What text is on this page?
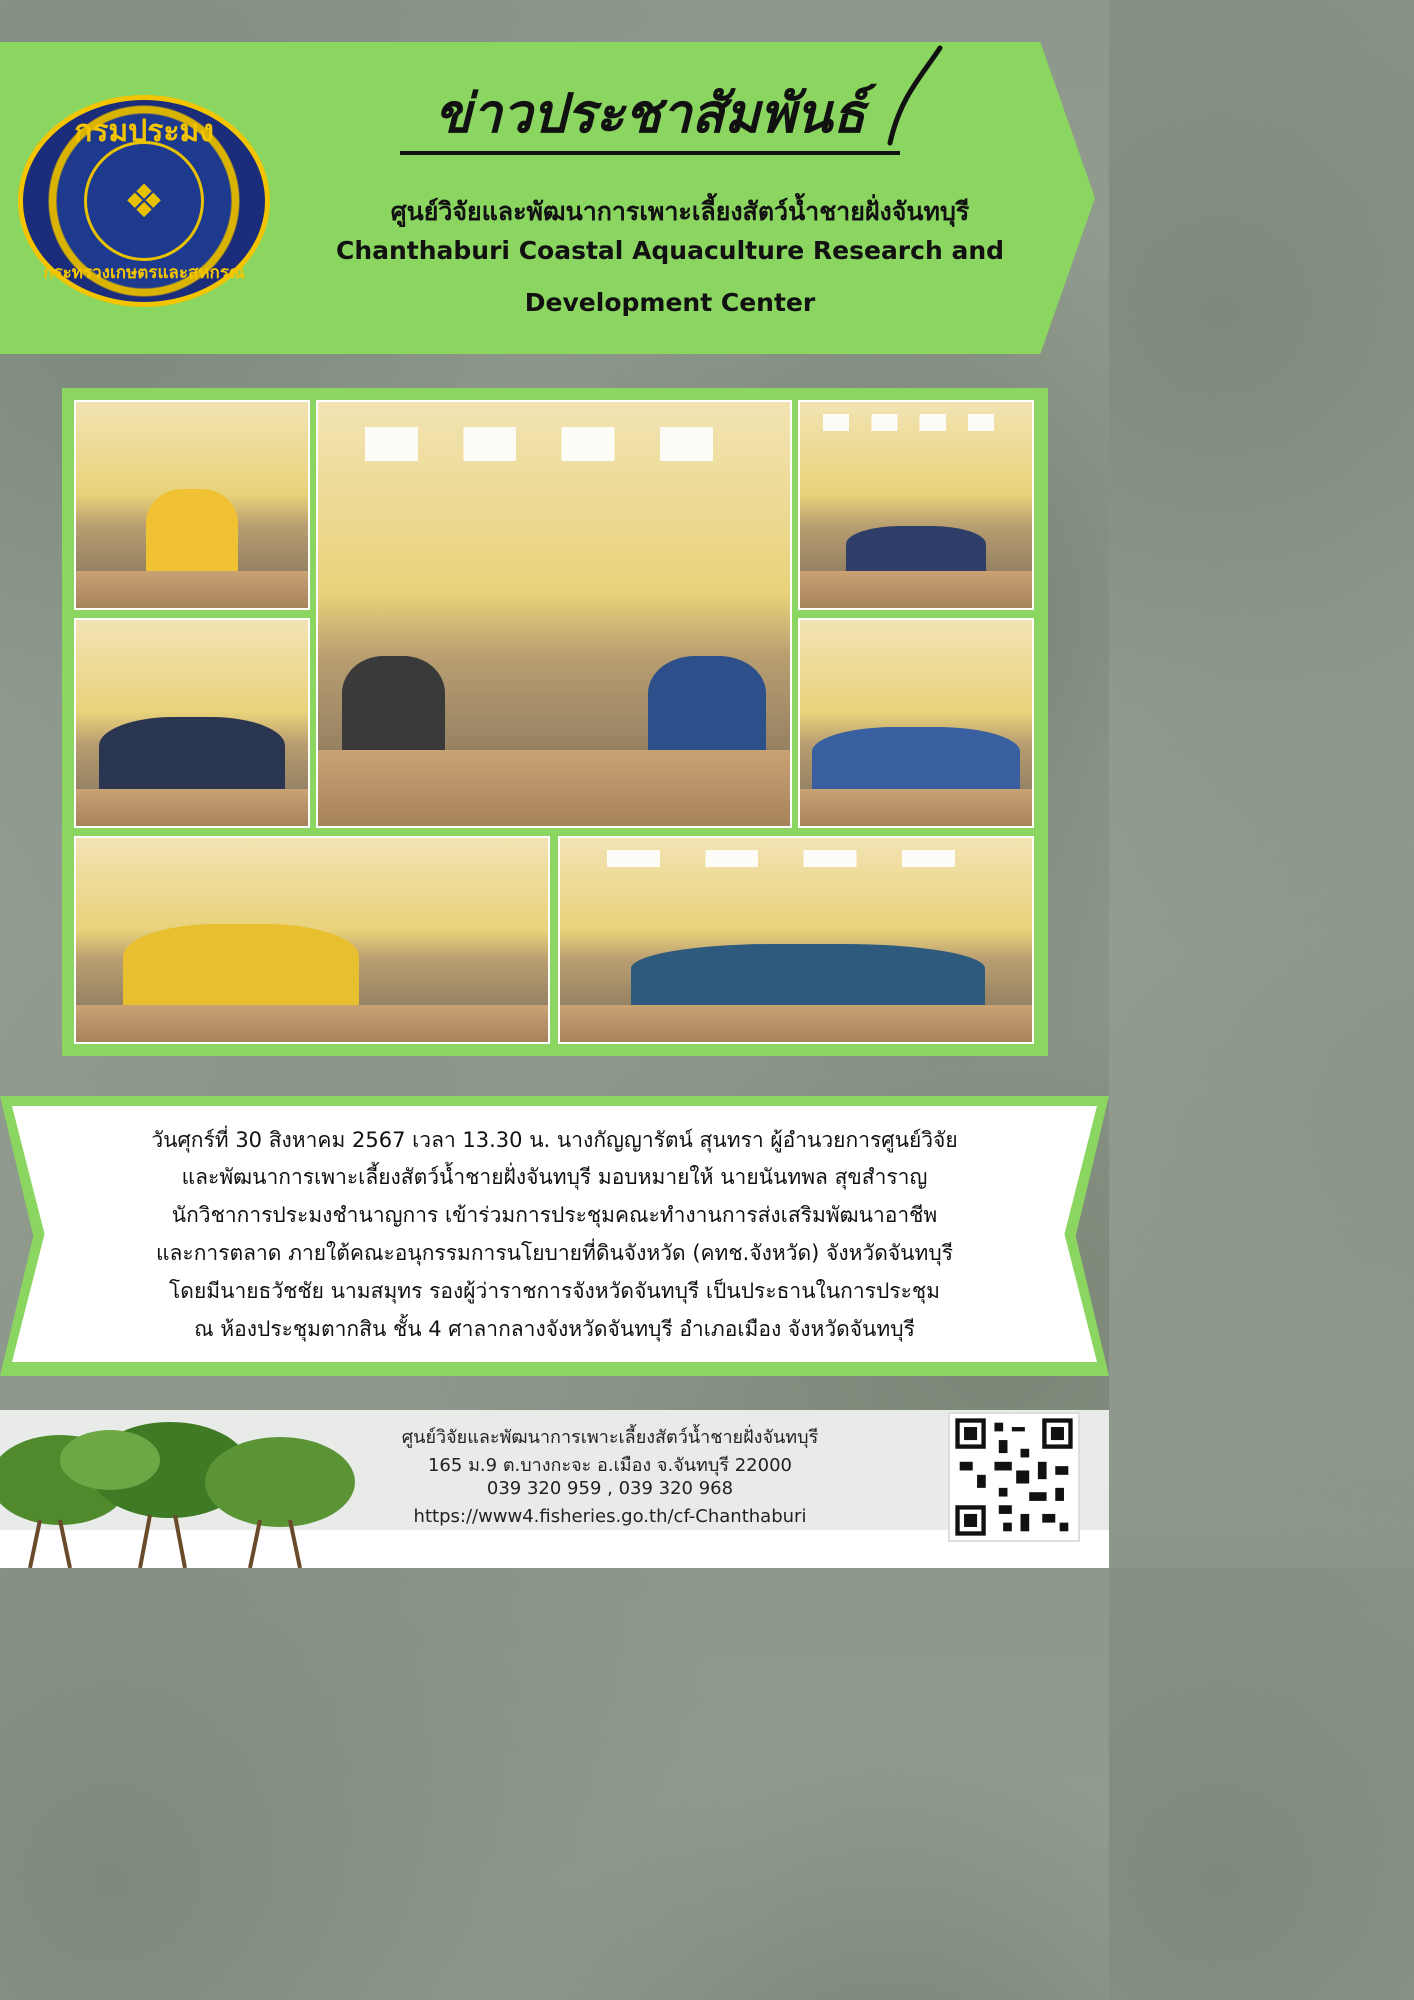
กรมประมง
❖
กระทรวงเกษตรและสหกรณ์
ข่าวประชาสัมพันธ์
ศูนย์วิจัยและพัฒนาการเพาะเลี้ยงสัตว์น้ำชายฝั่งจันทบุรี
Chanthaburi Coastal Aquaculture Research and
Development Center
วันศุกร์ที่ 30 สิงหาคม 2567 เวลา 13.30 น. นางกัญญารัตน์ สุนทรา ผู้อำนวยการศูนย์วิจัย
และพัฒนาการเพาะเลี้ยงสัตว์น้ำชายฝั่งจันทบุรี มอบหมายให้ นายนันทพล สุขสำราญ
นักวิชาการประมงชำนาญการ เข้าร่วมการประชุมคณะทำงานการส่งเสริมพัฒนาอาชีพ
และการตลาด ภายใต้คณะอนุกรรมการนโยบายที่ดินจังหวัด (คทช.จังหวัด) จังหวัดจันทบุรี
โดยมีนายธวัชชัย นามสมุทร รองผู้ว่าราชการจังหวัดจันทบุรี เป็นประธานในการประชุม
ณ ห้องประชุมตากสิน ชั้น 4 ศาลากลางจังหวัดจันทบุรี อำเภอเมือง จังหวัดจันทบุรี
ศูนย์วิจัยและพัฒนาการเพาะเลี้ยงสัตว์น้ำชายฝั่งจันทบุรี
165 ม.9 ต.บางกะจะ อ.เมือง จ.จันทบุรี 22000
039 320 959 , 039 320 968
https://www4.fisheries.go.th/cf-Chanthaburi
